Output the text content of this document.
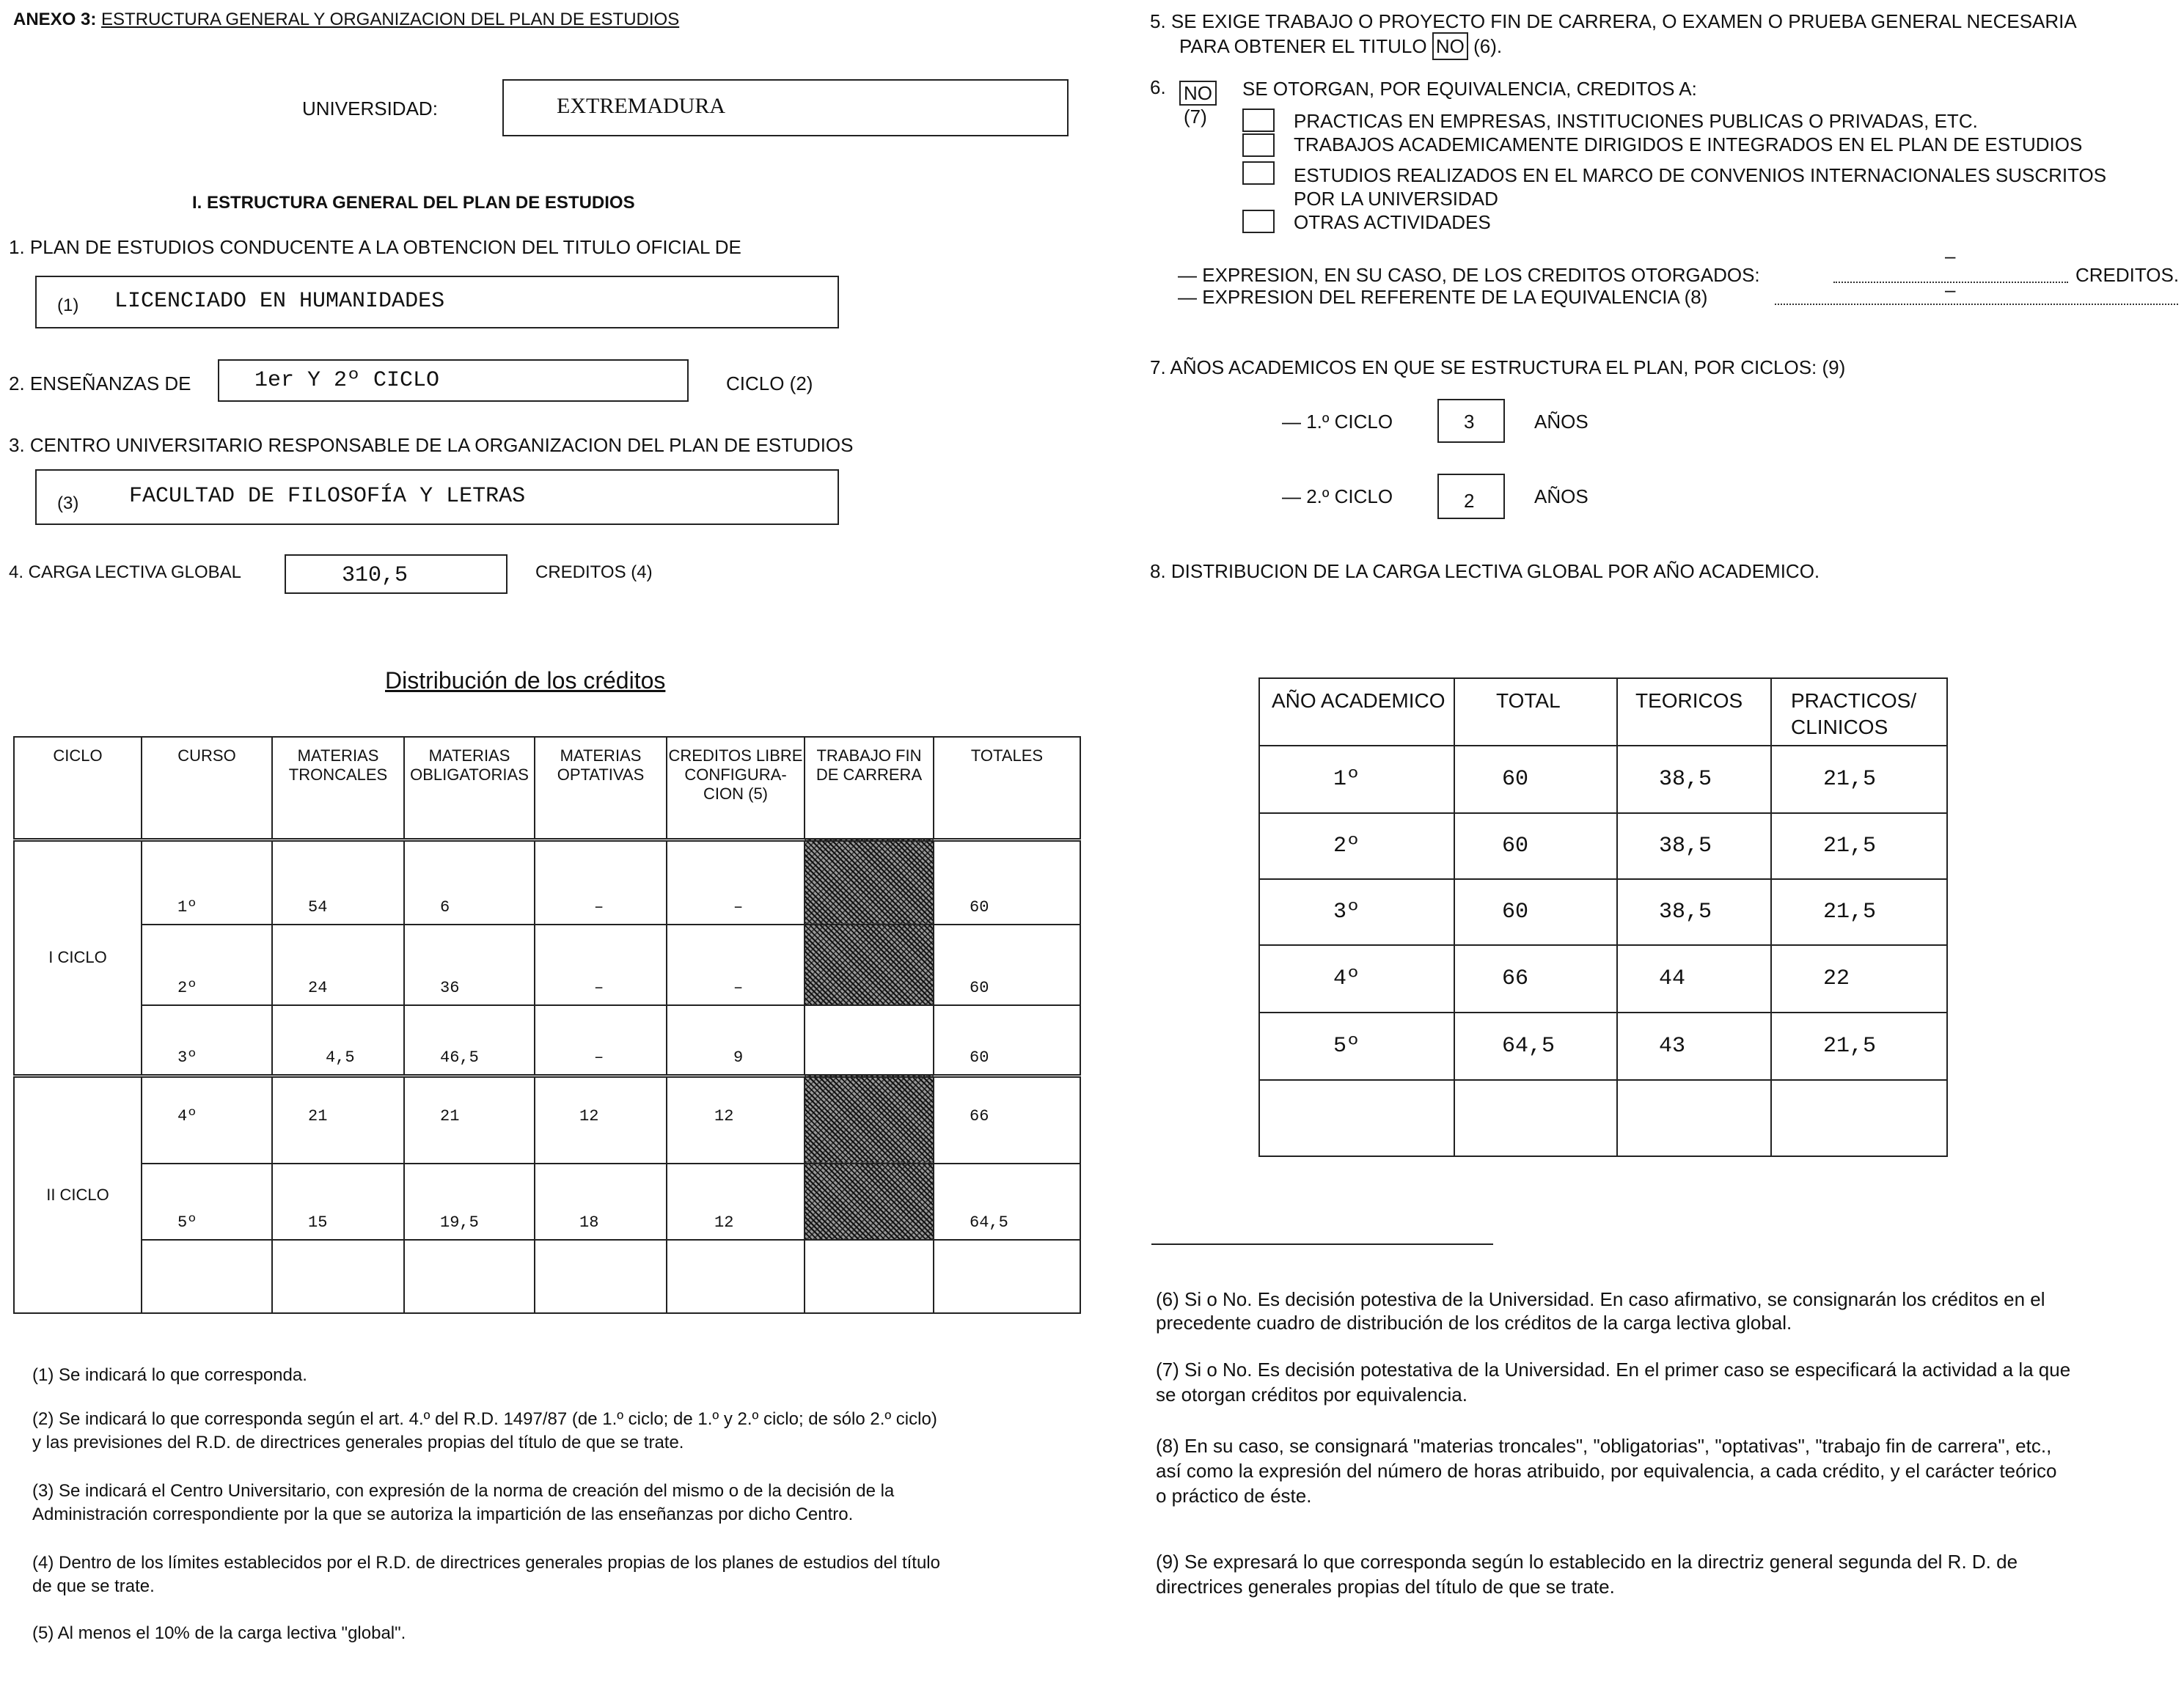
ANEXO 3: ESTRUCTURA GENERAL Y ORGANIZACION DEL PLAN DE ESTUDIOS
UNIVERSIDAD:	EXTREMADURA
I. ESTRUCTURA GENERAL DEL PLAN DE ESTUDIOS
1. PLAN DE ESTUDIOS CONDUCENTE A LA OBTENCION DEL TITULO OFICIAL DE
(1) LICENCIADO EN HUMANIDADES
2. ENSEÑANZAS DE	1er Y 2º CICLO	CICLO (2)
3. CENTRO UNIVERSITARIO RESPONSABLE DE LA ORGANIZACION DEL PLAN DE ESTUDIOS
(3) FACULTAD DE FILOSOFÍA Y LETRAS
4. CARGA LECTIVA GLOBAL	310,5	CREDITOS (4)
Distribución de los créditos
CICLO	CURSO	MATERIAS TRONCALES	MATERIAS OBLIGATORIAS	MATERIAS OPTATIVAS	CREDITOS LIBRE CONFIGURA- CION (5)	TRABAJO FIN DE CARRERA	TOTALES
I CICLO	1º	54	6	–	–		60
	2º	24	36	–	–		60
	3º	4,5	46,5	–	9		60
II CICLO	4º	21	21	12	12		66
	5º	15	19,5	18	12		64,5

(1) Se indicará lo que corresponda.
(2) Se indicará lo que corresponda según el art. 4.º del R.D. 1497/87 (de 1.º ciclo; de 1.º y 2.º ciclo; de sólo 2.º ciclo)
y las previsiones del R.D. de directrices generales propias del título de que se trate.
(3) Se indicará el Centro Universitario, con expresión de la norma de creación del mismo o de la decisión de la
Administración correspondiente por la que se autoriza la impartición de las enseñanzas por dicho Centro.
(4) Dentro de los límites establecidos por el R.D. de directrices generales propias de los planes de estudios del título
de que se trate.
(5) Al menos el 10% de la carga lectiva "global".
5. SE EXIGE TRABAJO O PROYECTO FIN DE CARRERA, O EXAMEN O PRUEBA GENERAL NECESARIA
PARA OBTENER EL TITULO NO (6).
6. NO
(7)
SE OTORGAN, POR EQUIVALENCIA, CREDITOS A:
PRACTICAS EN EMPRESAS, INSTITUCIONES PUBLICAS O PRIVADAS, ETC.
TRABAJOS ACADEMICAMENTE DIRIGIDOS E INTEGRADOS EN EL PLAN DE ESTUDIOS
ESTUDIOS REALIZADOS EN EL MARCO DE CONVENIOS INTERNACIONALES SUSCRITOS
POR LA UNIVERSIDAD
OTRAS ACTIVIDADES
— EXPRESION, EN SU CASO, DE LOS CREDITOS OTORGADOS:
–
CREDITOS.
— EXPRESION DEL REFERENTE DE LA EQUIVALENCIA (8)	–
7. AÑOS ACADEMICOS EN QUE SE ESTRUCTURA EL PLAN, POR CICLOS: (9)
— 1.º CICLO	3	AÑOS
— 2.º CICLO	2	AÑOS
8. DISTRIBUCION DE LA CARGA LECTIVA GLOBAL POR AÑO ACADEMICO.
AÑO ACADEMICO	TOTAL	TEORICOS	PRACTICOS/ CLINICOS
1º	60	38,5	21,5
2º	60	38,5	21,5
3º	60	38,5	21,5
4º	66	44	22
5º	64,5	43	21,5

(6) Si o No. Es decisión potestiva de la Universidad. En caso afirmativo, se consignarán los créditos en el
precedente cuadro de distribución de los créditos de la carga lectiva global.
(7) Si o No. Es decisión potestativa de la Universidad. En el primer caso se especificará la actividad a la que
se otorgan créditos por equivalencia.
(8) En su caso, se consignará "materias troncales", "obligatorias", "optativas", "trabajo fin de carrera", etc.,
así como la expresión del número de horas atribuido, por equivalencia, a cada crédito, y el carácter teórico
o práctico de éste.
(9) Se expresará lo que corresponda según lo establecido en la directriz general segunda del R. D. de
directrices generales propias del título de que se trate.
